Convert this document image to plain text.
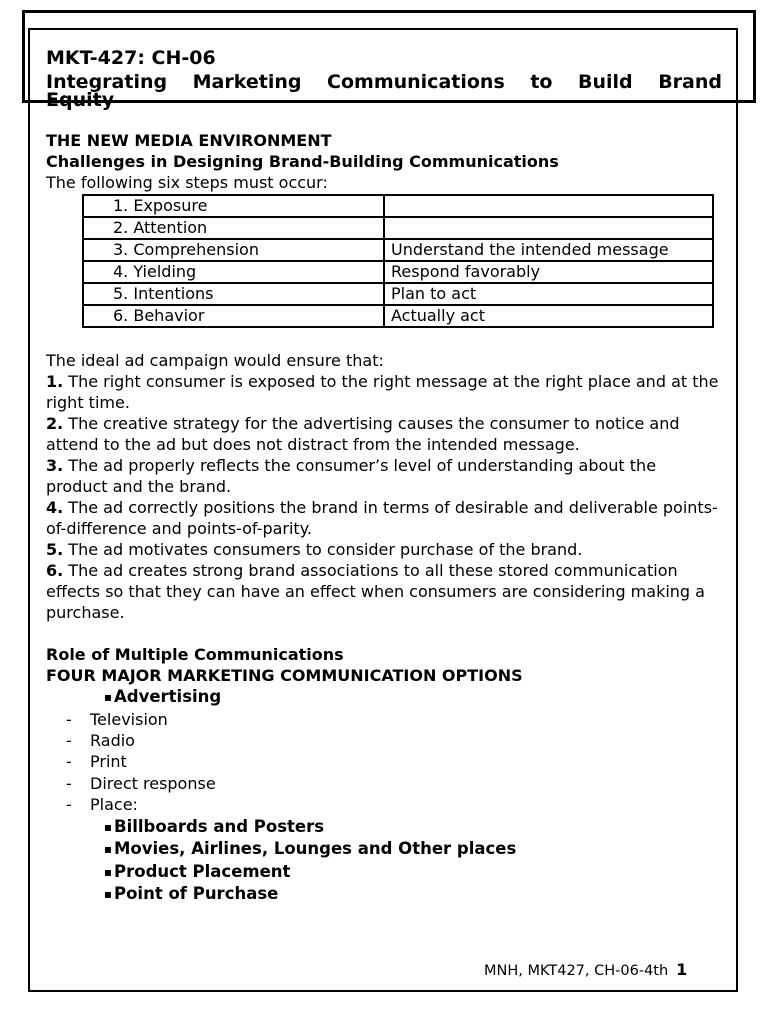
MKT-427: CH-06

Integrating Marketing Communications to Build Brand

Equity

THE NEW MEDIA ENVIRONMENT

Challenges in Designing Brand-Building Communications

The following six steps must occur:

1. Exposure	
2. Attention	
3. Comprehension	Understand the intended message
4. Yielding	Respond favorably
5. Intentions	Plan to act
6. Behavior	Actually act

The ideal ad campaign would ensure that:

1. The right consumer is exposed to the right message at the right place and at the right time.

2. The creative strategy for the advertising causes the consumer to notice and attend to the ad but does not distract from the intended message.

3. The ad properly reflects the consumer’s level of understanding about the product and the brand.

4. The ad correctly positions the brand in terms of desirable and deliverable points-of-difference and points-of-parity.

5. The ad motivates consumers to consider purchase of the brand.

6. The ad creates strong brand associations to all these stored communication effects so that they can have an effect when consumers are considering making a purchase.

Role of Multiple Communications

FOUR MAJOR MARKETING COMMUNICATION OPTIONS

▪ Advertising
- Television
- Radio
- Print
- Direct response
- Place:
▪ Billboards and Posters
▪ Movies, Airlines, Lounges and Other places
▪ Product Placement
▪ Point of Purchase
MNH, MKT427, CH-06-4th 1
